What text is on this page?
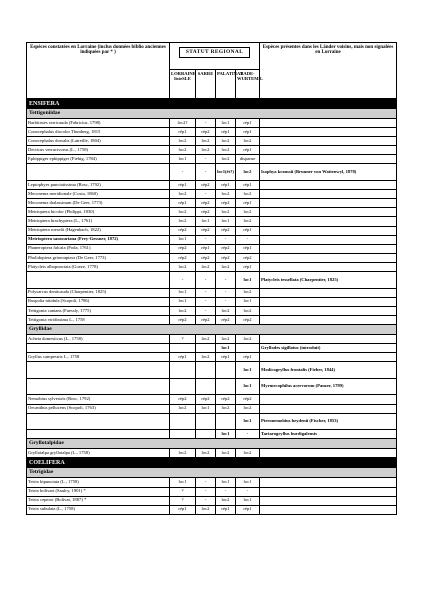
Espèces constatées en Lorraine (inclus données biblio anciennes indiquées par * )	STATUT REGIONAL				Espèces présentes dans les Länder voisins, mais non signalées en Lorraine
	LORRAINE listeSLE	SARRE	PALATINAT	BADE-WURTEMB.	
ENSIFERA					
Tettigoniidae					
Barbitistes serricauda (Fabricius, 1798)	loc2?	-	loc1	rép1	
Conocephalus discolor Thunberg, 1815	rép1	rép2	rép1	rép1	
Conocephalus dorsalis (Latreille, 1804)	loc2	loc2	loc2	loc2	
Decticus verrucivorus (L., 1758)	loc2	loc2	loc2	rép1	
Ephippiger ephippiger (Fiebig, 1784)	loc1	-	loc2	disparue	
	-	-	loc1(ét?)	loc2	Isophya kraussii (Brunner von Wattenwyl, 1878)
Leptophyes punctatissima (Bosc, 1792)	rép1	rép2	rép1	rép1	
Meconema meridionale (Costa, 1860)	loc2	-	loc2	loc2	
Meconema thalassinum (De Geer, 1773)	rép1	rép2	rép2	rép1	
Metrioptera bicolor (Philippi, 1830)	loc2	rép2	loc2	loc2	
Metrioptera brachyptera (L., 1761)	loc2	loc1	loc1	loc2	
Metrioptera roeselii (Hagenbach, 1822)	rép2	rép2	rép2	rép1	
Metrioptera saussuriana (Frey-Gessner, 1872)	loc1	-	-	-	
Phaneroptera falcata (Poda, 1761)	rép2	rép1	rép2	rép1	
Pholidoptera griseoaptera (De Geer, 1773)	rép2	rép2	rép2	rép2	
Platycleis albopunctata (Goeze, 1778)	loc2	loc2	loc2	rép1	
	-	-	-	loc1	Platycleis tessellata (Charpentier, 1825)
Polysarcus denticauda (Charpentier, 1825)	loc1	-	-	loc2	
Ruspolia nitidula (Scopoli, 1786)	loc1	-	-	loc1	
Tettigonia cantans (Fuessly, 1775)	loc2	-	loc2	loc2	
Tettigonia viridissima L., 1758	rép2	rép2	rép2	rép2	
Gryllidae					
Acheta domesticus (L., 1758)	?	loc2	loc2	loc2	
			loc1		Gryllodes sigillatus (introduit)
Gryllus campestris L., 1758	rép1	loc2	rép1	rép1	
				loc1	Modicogryllus frontalis (Fieber, 1844)
				loc1	Myrmecophilus acervorum (Panzer, 1799)
Nemobius sylvestris (Bosc, 1792)	rép2	rép2	rép2	rép2	
Oecanthus pellucens (Scopoli, 1763)	loc2	loc1	loc2	loc2	
				loc1	Pteronemobius heydenii (Fischer, 1853)
			loc1	-	Tartarogryllus burdigalensis
Gryllotalpidae					
Gryllotalpa gryllotalpa (L., 1758)	loc2	loc2	loc2	loc2	
COELIFERA					
Tetrigidae					
Tetrix bipunctata (L., 1758)	loc1	-	loc1	loc1	
Tetrix bolivari (Saulcy, 1901) *	?	-	-	-	
Tetrix ceperoi (Bolivar, 1887) *	?	-	loc2	loc1	
Tetrix subulata (L., 1758)	rép1	loc2	rép1	rép1	
